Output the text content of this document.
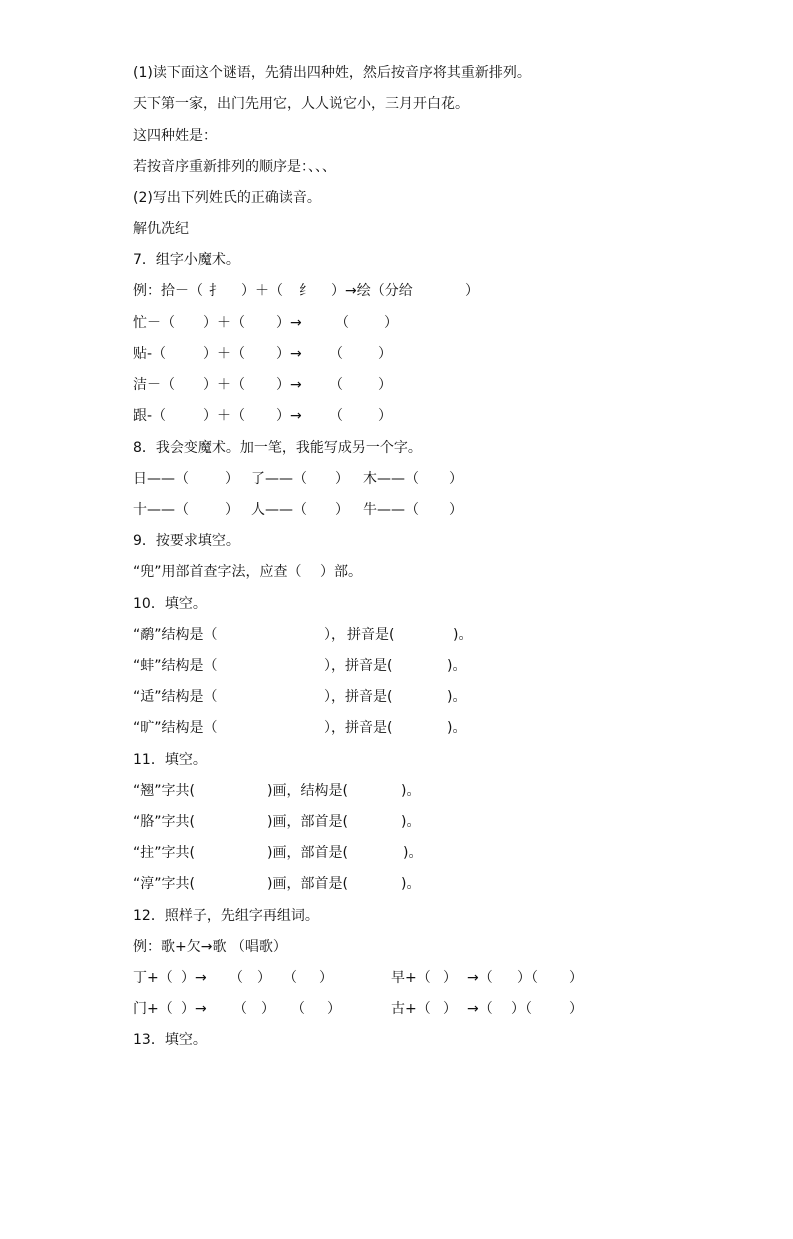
(1)读下面这个谜语，先猜出四种姓，然后按音序将其重新排列。
天下第一家，出门先用它，人人说它小，三月开白花。
这四种姓是：
若按音序重新排列的顺序是：、、、
(2)写出下列姓氏的正确读音。
解仇冼纪
7．组字小魔术。

例：拾－（

扌

）＋（

纟

）→绘（分给

	）

忙－（

）＋（

）→

（

	）

贴-（

	）＋（

）→

（

	）

洁－（

）＋（

）→

（

	）

跟-（

	）＋（

）→

（

	）

8．我会变魔术。加一笔，我能写成另一个字。

日——（

	）

了——（

）

木——（

）

十——（

	）

人——（

）

牛——（

）

9．按要求填空。
“兜”用部首查字法，应查（　 ）部。
10．填空。

“鹬”结构是（

	），

拼音是(

	)。

“蚌”结构是（

	），拼音是(

	)。

“适”结构是（

	），拼音是(

	)。

“旷”结构是（

	），拼音是(

	)。

11．填空。

“翘”字共(

	)画，结构是(

	)。

“胳”字共(

	)画，部首是(

	)。

“拄”字共(

	)画，部首是(

	)。

“淳”字共(

	)画，部首是(

	)。

12．照样子，先组字再组词。
例：歌+欠→歌 （唱歌）

丁+（

）→

（

）

（

）

	早+（

）

→（

）（

）

门+（

）→

（

）

（

）

	古+（

）

→（

）（

	）

13．填空。
